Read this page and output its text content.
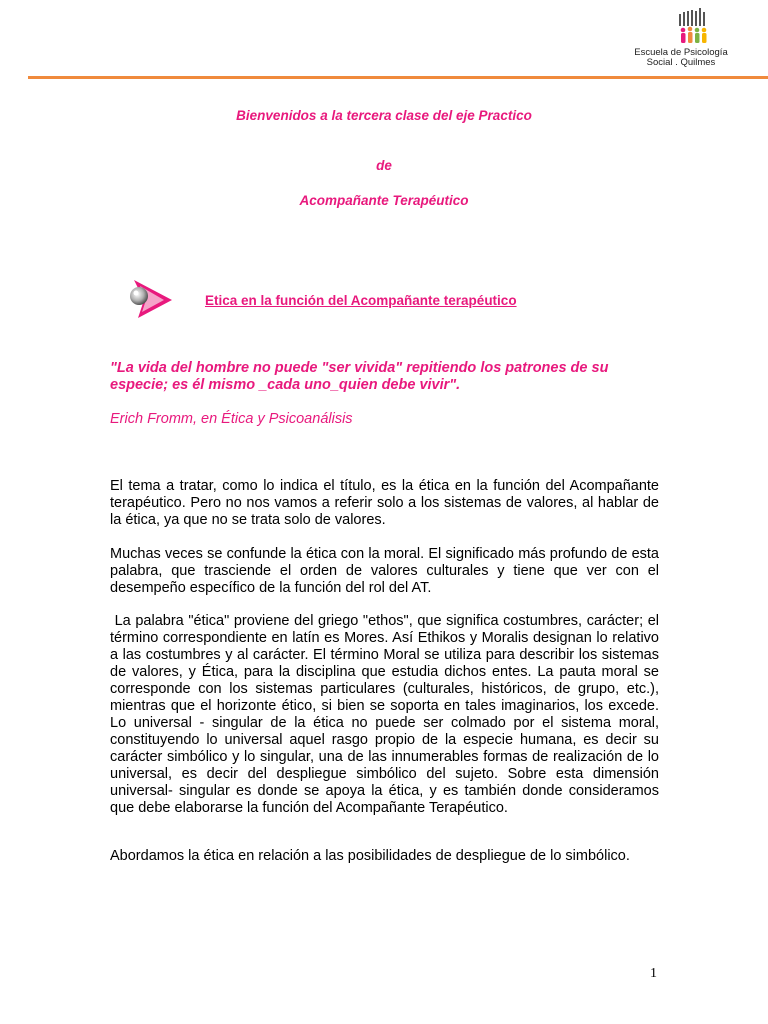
Escuela de Psicología
Social . Quilmes

Bienvenidos a la tercera clase del eje Practico

de

Acompañante Terapéutico

Etica en la función del Acompañante terapéutico

"La vida del hombre no puede "ser vivida" repitiendo los patrones de su especie; es él mismo _cada uno_quien debe vivir".

Erich Fromm, en Ética y Psicoanálisis

El tema a tratar, como lo indica el título, es la ética en la función del Acompañante terapéutico. Pero no nos vamos a referir solo a los sistemas de valores, al hablar de la ética, ya que no se trata solo de valores.

Muchas veces se confunde la ética con la moral. El significado más profundo de esta palabra, que trasciende el orden de valores culturales y tiene que ver con el desempeño específico de la función del rol del AT.

La palabra "ética" proviene del griego "ethos", que significa costumbres, carácter; el término correspondiente en latín es Mores. Así Ethikos y Moralis designan lo relativo a las costumbres y al carácter. El término Moral se utiliza para describir los sistemas de valores, y Ética, para la disciplina que estudia dichos entes. La pauta moral se corresponde con los sistemas particulares (culturales, históricos, de grupo, etc.), mientras que el horizonte ético, si bien se soporta en tales imaginarios, los excede. Lo universal - singular de la ética no puede ser colmado por el sistema moral, constituyendo lo universal aquel rasgo propio de la especie humana, es decir su carácter simbólico y lo singular, una de las innumerables formas de realización de lo universal, es decir del despliegue simbólico del sujeto. Sobre esta dimensión universal- singular es donde se apoya la ética, y es también donde consideramos que debe elaborarse la función del Acompañante Terapéutico.

Abordamos la ética en relación a las posibilidades de despliegue de lo simbólico.

1
